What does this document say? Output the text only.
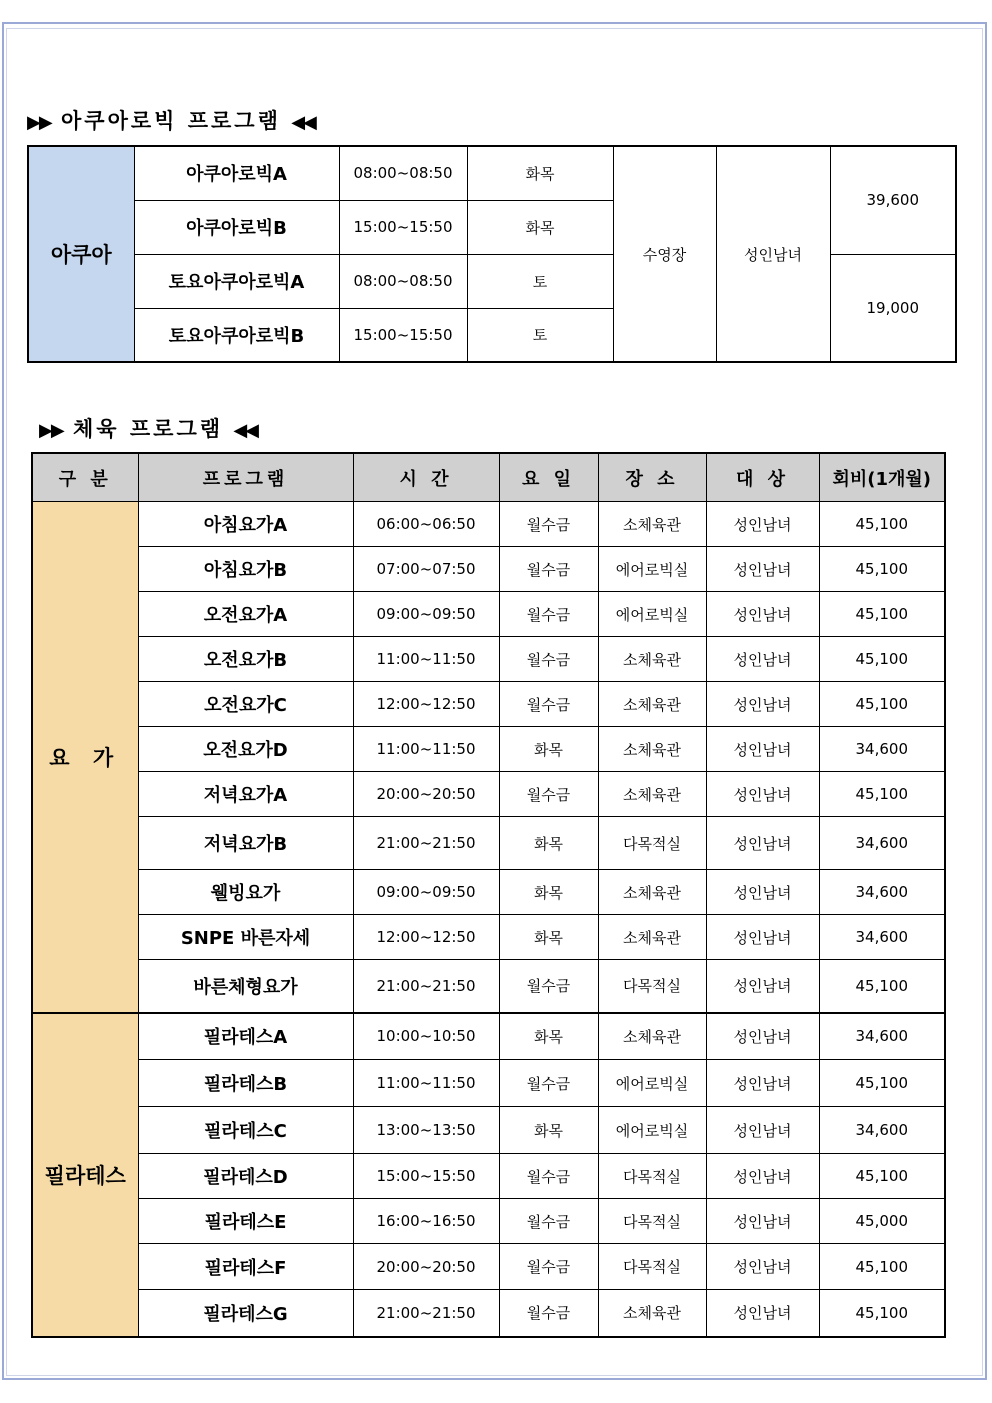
▶▶ 아쿠아로빅 프로그램 ◀◀
아쿠아	아쿠아로빅A	08:00~08:50	화목	수영장	성인남녀	39,600
	아쿠아로빅B	15:00~15:50	화목			
	토요아쿠아로빅A	08:00~08:50	토			19,000
	토요아쿠아로빅B	15:00~15:50	토			
▶▶ 체육 프로그램 ◀◀
구 분	프로그램	시 간	요 일	장 소	대 상	회비(1개월)
요 가	아침요가A	06:00~06:50	월수금	소체육관	성인남녀	45,100
	아침요가B	07:00~07:50	월수금	에어로빅실	성인남녀	45,100
	오전요가A	09:00~09:50	월수금	에어로빅실	성인남녀	45,100
	오전요가B	11:00~11:50	월수금	소체육관	성인남녀	45,100
	오전요가C	12:00~12:50	월수금	소체육관	성인남녀	45,100
	오전요가D	11:00~11:50	화목	소체육관	성인남녀	34,600
	저녁요가A	20:00~20:50	월수금	소체육관	성인남녀	45,100
	저녁요가B	21:00~21:50	화목	다목적실	성인남녀	34,600
	웰빙요가	09:00~09:50	화목	소체육관	성인남녀	34,600
	SNPE 바른자세	12:00~12:50	화목	소체육관	성인남녀	34,600
	바른체형요가	21:00~21:50	월수금	다목적실	성인남녀	45,100
필라테스	필라테스A	10:00~10:50	화목	소체육관	성인남녀	34,600
	필라테스B	11:00~11:50	월수금	에어로빅실	성인남녀	45,100
	필라테스C	13:00~13:50	화목	에어로빅실	성인남녀	34,600
	필라테스D	15:00~15:50	월수금	다목적실	성인남녀	45,100
	필라테스E	16:00~16:50	월수금	다목적실	성인남녀	45,000
	필라테스F	20:00~20:50	월수금	다목적실	성인남녀	45,100
	필라테스G	21:00~21:50	월수금	소체육관	성인남녀	45,100
